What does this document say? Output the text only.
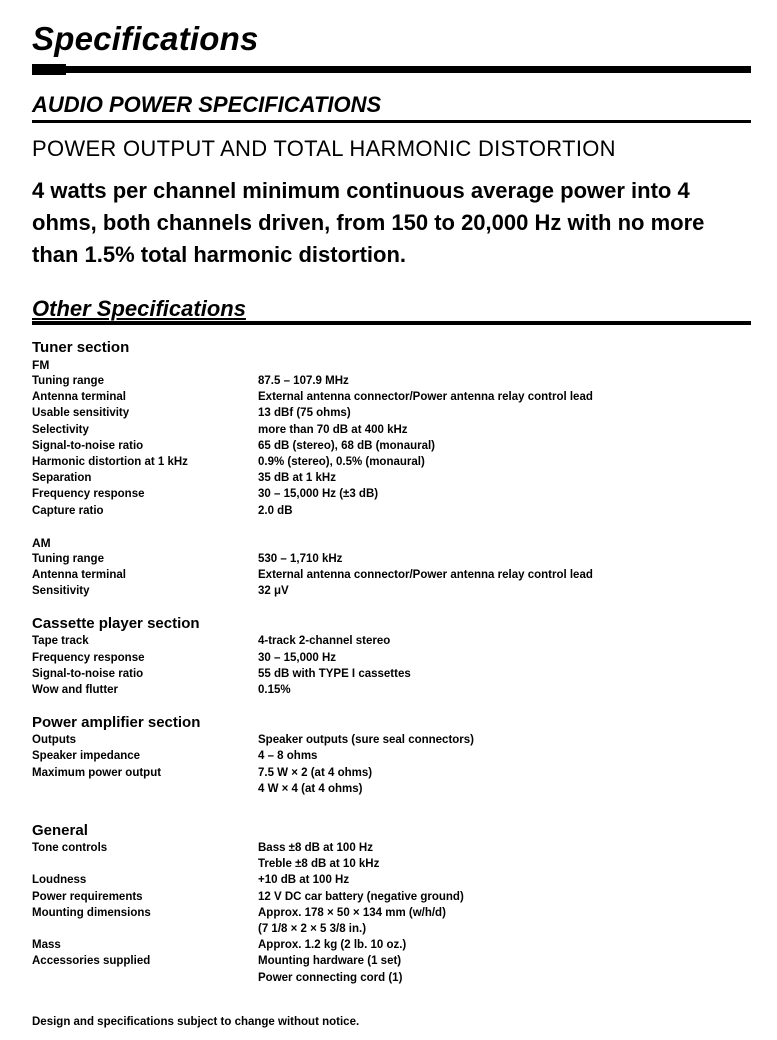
Specifications
AUDIO POWER SPECIFICATIONS
POWER OUTPUT AND TOTAL HARMONIC DISTORTION

4 watts per channel minimum continuous average power into 4 ohms, both channels driven, from 150 to 20,000 Hz with no more than 1.5% total harmonic distortion.

Other Specifications
Tuner section
FM
Tuning range	87.5 – 107.9 MHz
Antenna terminal	External antenna connector/Power antenna relay control lead
Usable sensitivity	13 dBf (75 ohms)
Selectivity	more than 70 dB at 400 kHz
Signal-to-noise ratio	65 dB (stereo), 68 dB (monaural)
Harmonic distortion at 1 kHz	0.9% (stereo), 0.5% (monaural)
Separation	35 dB at 1 kHz
Frequency response	30 – 15,000 Hz (±3 dB)
Capture ratio	2.0 dB
AM
Tuning range	530 – 1,710 kHz
Antenna terminal	External antenna connector/Power antenna relay control lead
Sensitivity	32 μV
Cassette player section
Tape track	4-track 2-channel stereo
Frequency response	30 – 15,000 Hz
Signal-to-noise ratio	55 dB with TYPE I cassettes
Wow and flutter	0.15%
Power amplifier section
Outputs	Speaker outputs (sure seal connectors)
Speaker impedance	4 – 8 ohms
Maximum power output	7.5 W × 2 (at 4 ohms)
4 W × 4 (at 4 ohms)
General
Tone controls	Bass ±8 dB at 100 Hz
Treble ±8 dB at 10 kHz
Loudness	+10 dB at 100 Hz
Power requirements	12 V DC car battery (negative ground)
Mounting dimensions	Approx. 178 × 50 × 134 mm (w/h/d)
(7 1/8 × 2 × 5 3/8 in.)
Mass	Approx. 1.2 kg (2 lb. 10 oz.)
Accessories supplied	Mounting hardware (1 set)
Power connecting cord (1)
Design and specifications subject to change without notice.
